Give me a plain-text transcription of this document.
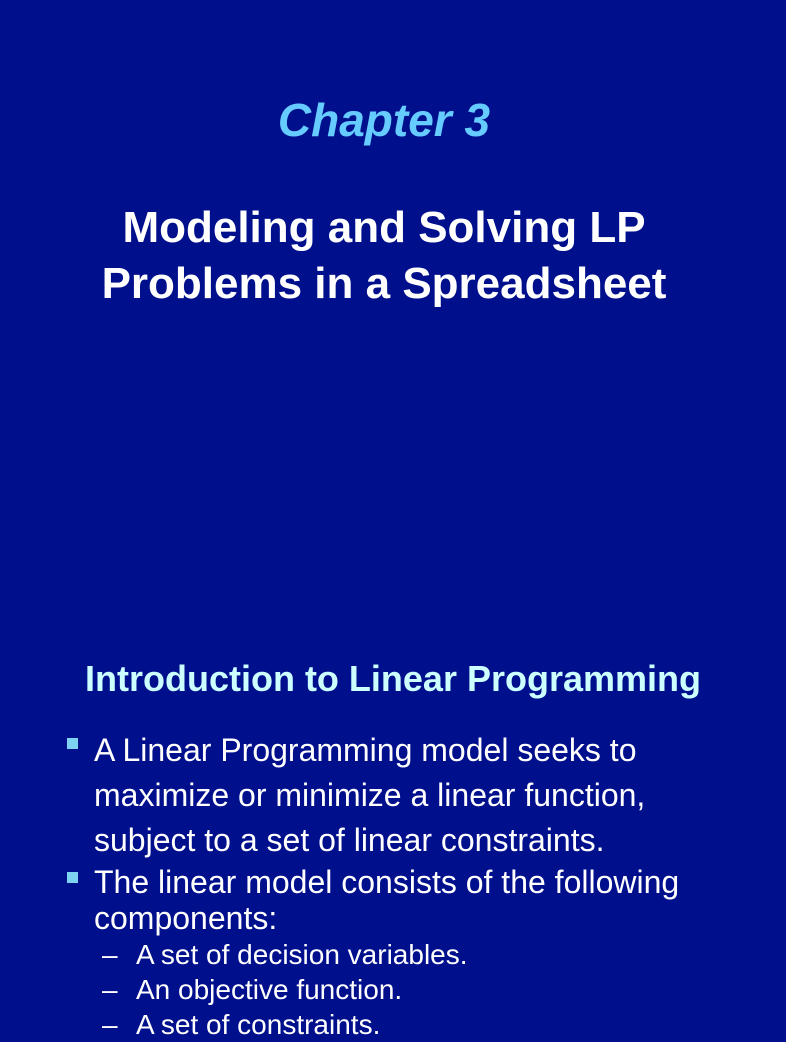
Chapter 3
Modeling and Solving LP
Problems in a Spreadsheet
Introduction to Linear Programming
A Linear Programming model seeks to
maximize or minimize a linear function,
subject to a set of linear constraints.
The linear model consists of the following
components:
– A set of decision variables.
– An objective function.
– A set of constraints.
